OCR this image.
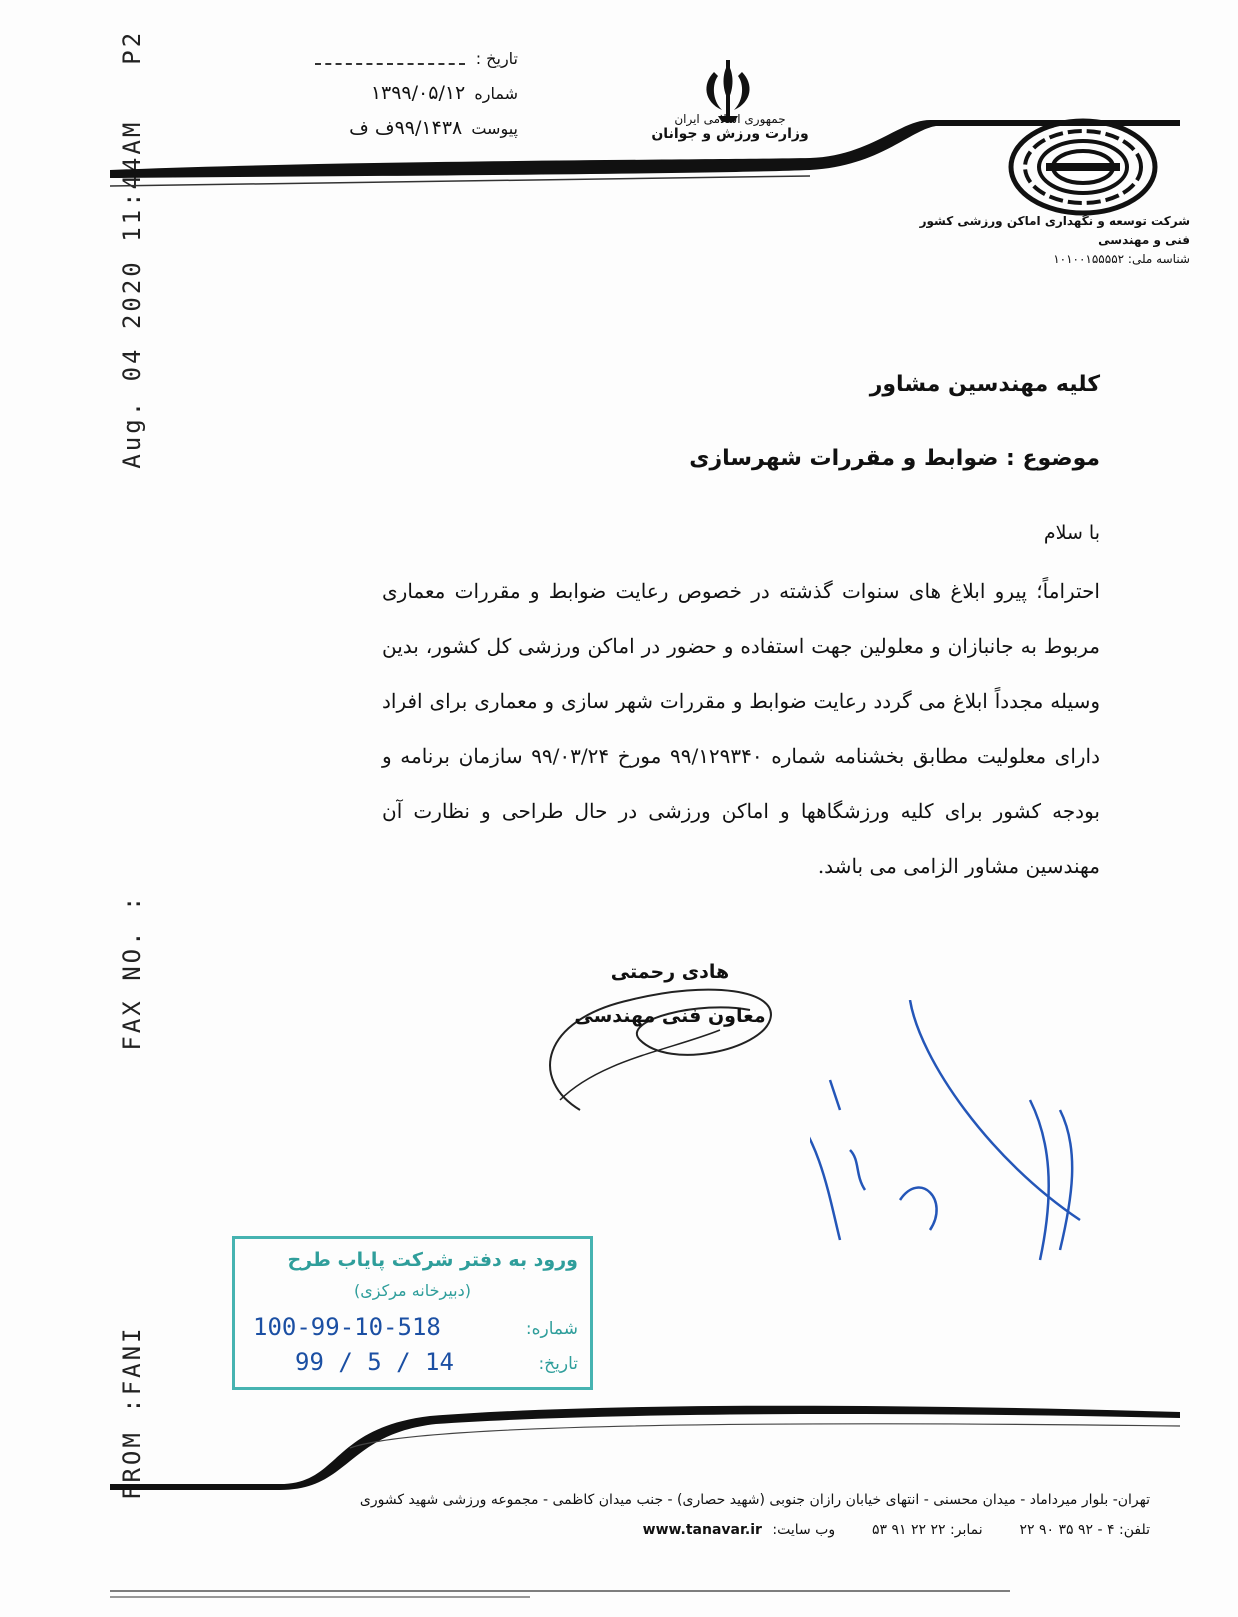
FROM :FANI  FAX NO. :  Aug. 04 2020 11:44AM  P2	تاریخ :
شماره ۱۳۹۹/۰۵/۱۲
پیوست ۹۹/۱۴۳۸ف ف	جمهوری اسلامی ایران
وزارت ورزش و جوانان
شرکت توسعه و نگهداری اماکن ورزشی کشور
فنی و مهندسی
شناسه ملی: ۱۰۱۰۰۱۵۵۵۵۲
کلیه مهندسین مشاور
موضوع : ضوابط و مقررات شهرسازی
با سلام
احتراماً؛ پیرو ابلاغ های سنوات گذشته در خصوص رعایت ضوابط و مقررات معماری مربوط به جانبازان و معلولین جهت استفاده و حضور در اماکن ورزشی کل کشور، بدین وسیله مجدداً ابلاغ می گردد رعایت ضوابط و مقررات شهر سازی و معماری برای افراد دارای معلولیت مطابق بخشنامه شماره ۹۹/۱۲۹۳۴۰ مورخ ۹۹/۰۳/۲۴ سازمان برنامه و بودجه کشور برای کلیه ورزشگاهها و اماکن ورزشی در حال طراحی و نظارت آن مهندسین مشاور الزامی می باشد.
هادی رحمتی
معاون فنی مهندسی
ورود به دفتر شرکت پایاب طرح
(دبیرخانه مرکزی)
شماره:
100-99-10-518
تاریخ:
99 / 5 / 14
تهران- بلوار میرداماد - میدان محسنی - انتهای خیابان رازان جنوبی (شهید حصاری) - جنب میدان کاظمی - مجموعه ورزشی شهید کشوری
تلفن: ۴ - ۹۲ ۳۵ ۹۰ ۲۲  نمابر: ۲۲ ۲۲ ۹۱ ۵۳  وب سایت: www.tanavar.ir
